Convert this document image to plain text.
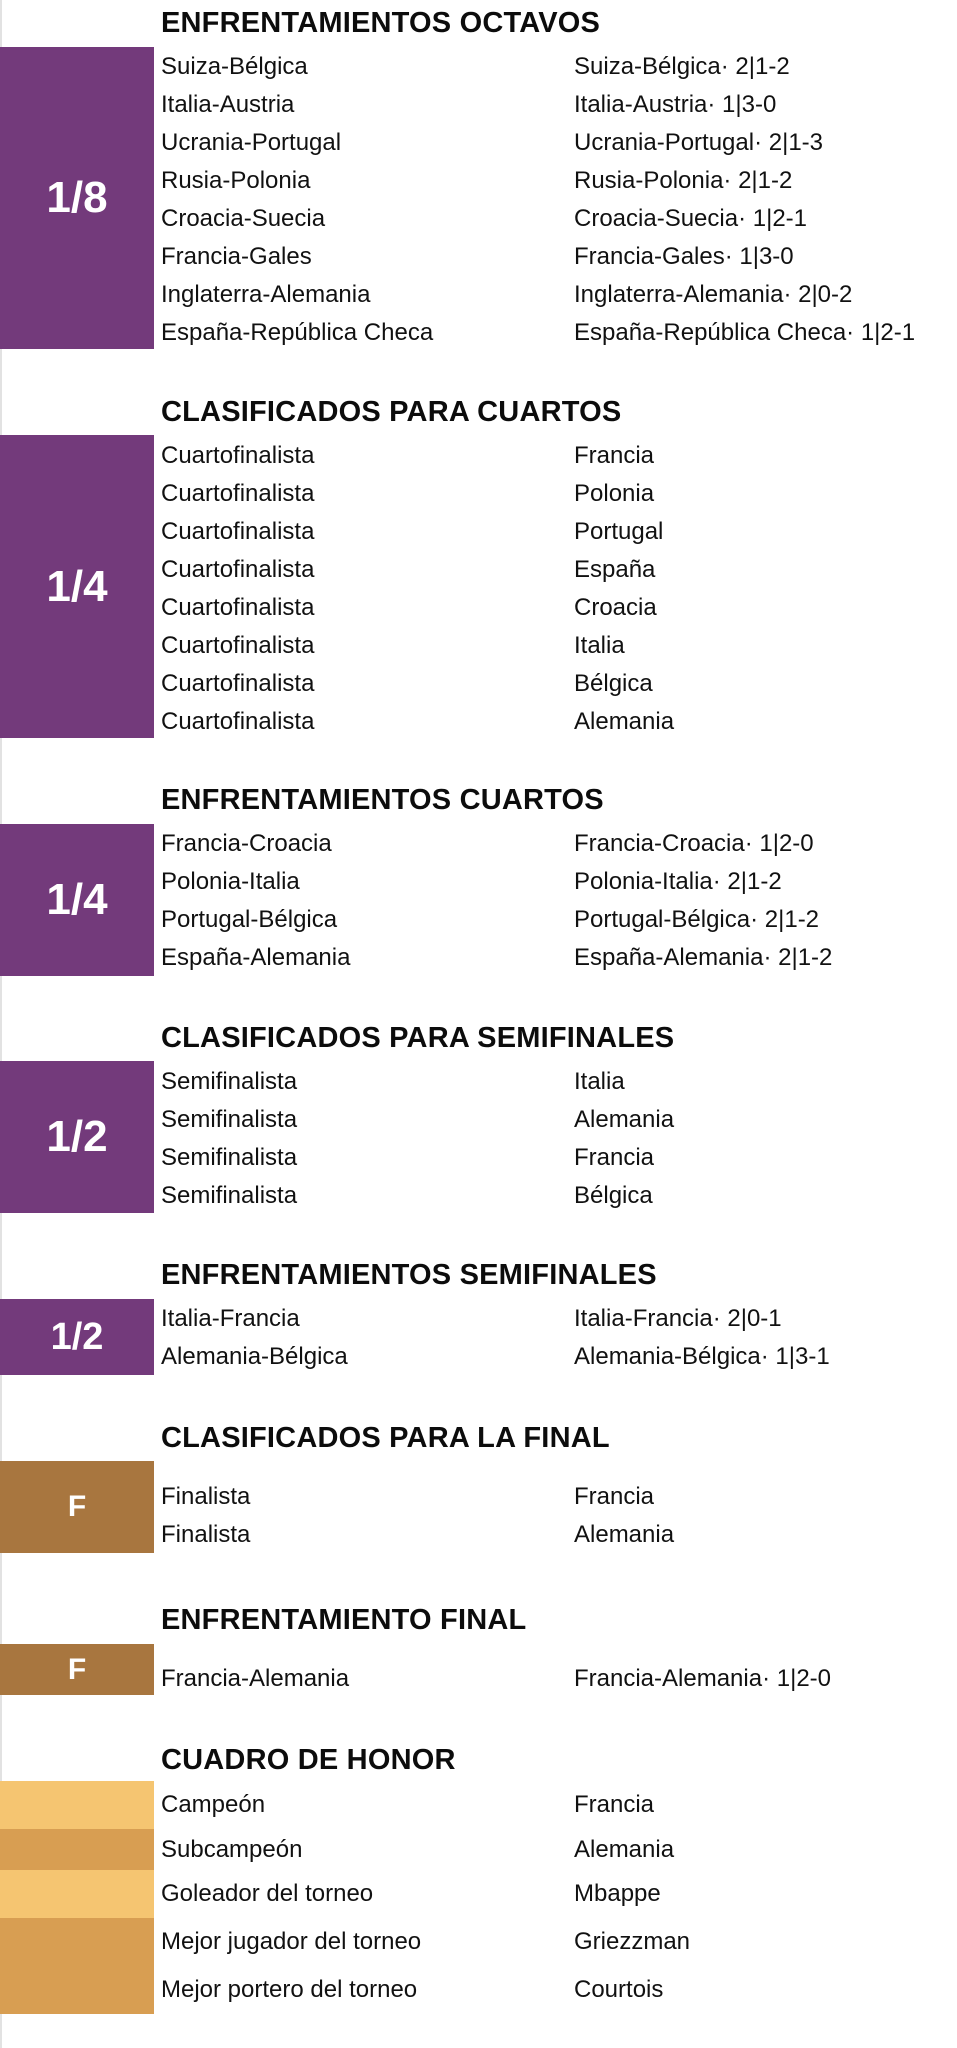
ENFRENTAMIENTOS OCTAVOS
1/8
Suiza-Bélgica	Suiza-Bélgica· 2|1-2
Italia-Austria	Italia-Austria· 1|3-0
Ucrania-Portugal	Ucrania-Portugal· 2|1-3
Rusia-Polonia	Rusia-Polonia· 2|1-2
Croacia-Suecia	Croacia-Suecia· 1|2-1
Francia-Gales	Francia-Gales· 1|3-0
Inglaterra-Alemania	Inglaterra-Alemania· 2|0-2
España-República Checa	España-República Checa· 1|2-1
CLASIFICADOS PARA CUARTOS
1/4
Cuartofinalista	Francia
Cuartofinalista	Polonia
Cuartofinalista	Portugal
Cuartofinalista	España
Cuartofinalista	Croacia
Cuartofinalista	Italia
Cuartofinalista	Bélgica
Cuartofinalista	Alemania
ENFRENTAMIENTOS CUARTOS
1/4
Francia-Croacia	Francia-Croacia· 1|2-0
Polonia-Italia	Polonia-Italia· 2|1-2
Portugal-Bélgica	Portugal-Bélgica· 2|1-2
España-Alemania	España-Alemania· 2|1-2
CLASIFICADOS PARA SEMIFINALES
1/2
Semifinalista	Italia
Semifinalista	Alemania
Semifinalista	Francia
Semifinalista	Bélgica
ENFRENTAMIENTOS SEMIFINALES
1/2	Italia-Francia	Italia-Francia· 2|0-1
Alemania-Bélgica	Alemania-Bélgica· 1|3-1
CLASIFICADOS PARA LA FINAL
F	Finalista	Francia
Finalista	Alemania
ENFRENTAMIENTO FINAL
F	Francia-Alemania	Francia-Alemania· 1|2-0
CUADRO DE HONOR
Campeón	Francia
Subcampeón	Alemania
Goleador del torneo	Mbappe
Mejor jugador del torneo	Griezzman
Mejor portero del torneo	Courtois
